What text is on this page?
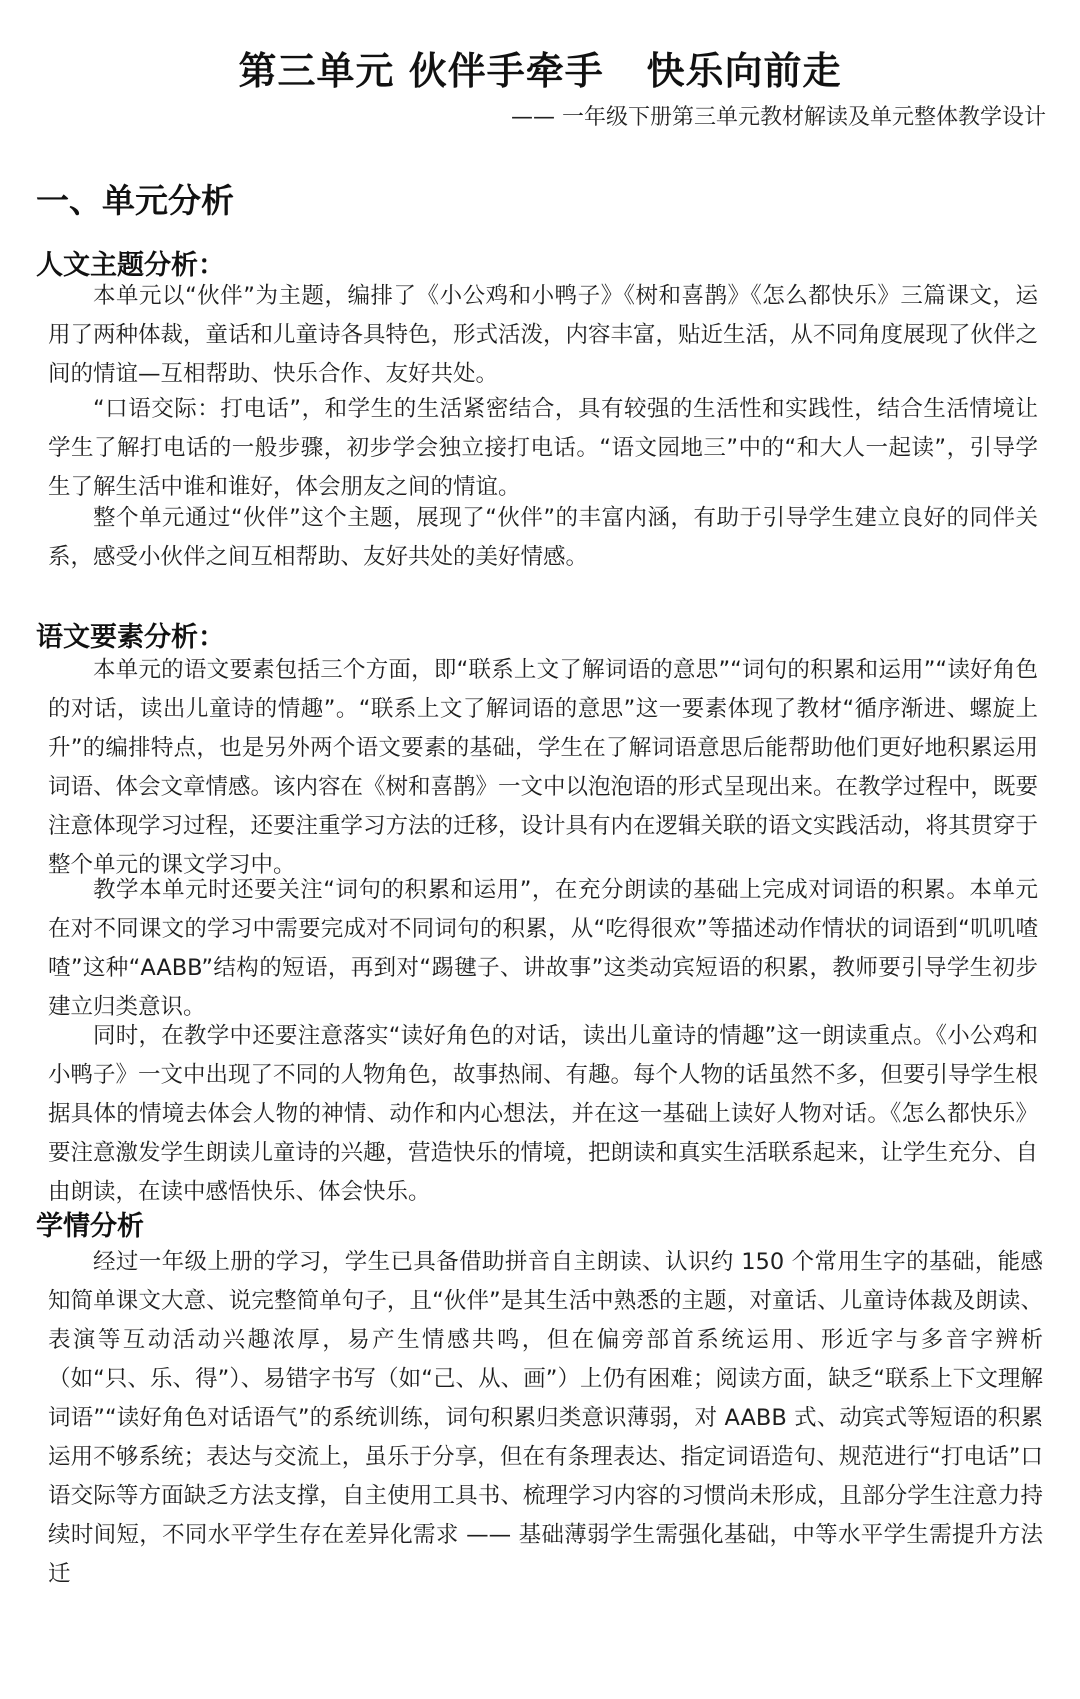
第三单元 伙伴手牵手   快乐向前走
—— 一年级下册第三单元教材解读及单元整体教学设计
一、单元分析
人文主题分析：

本单元以“伙伴”为主题，编排了《小公鸡和小鸭子》《树和喜鹊》《怎么都快乐》三篇课文，运用了两种体裁，童话和儿童诗各具特色，形式活泼，内容丰富，贴近生活，从不同角度展现了伙伴之间的情谊—互相帮助、快乐合作、友好共处。

“口语交际：打电话”，和学生的生活紧密结合，具有较强的生活性和实践性，结合生活情境让学生了解打电话的一般步骤，初步学会独立接打电话。“语文园地三”中的“和大人一起读”，引导学生了解生活中谁和谁好，体会朋友之间的情谊。

整个单元通过“伙伴”这个主题，展现了“伙伴”的丰富内涵，有助于引导学生建立良好的同伴关系，感受小伙伴之间互相帮助、友好共处的美好情感。

语文要素分析：

本单元的语文要素包括三个方面，即“联系上文了解词语的意思”“词句的积累和运用”“读好角色的对话，读出儿童诗的情趣”。“联系上文了解词语的意思”这一要素体现了教材“循序渐进、螺旋上升”的编排特点，也是另外两个语文要素的基础，学生在了解词语意思后能帮助他们更好地积累运用词语、体会文章情感。该内容在《树和喜鹊》一文中以泡泡语的形式呈现出来。在教学过程中，既要注意体现学习过程，还要注重学习方法的迁移，设计具有内在逻辑关联的语文实践活动，将其贯穿于整个单元的课文学习中。

教学本单元时还要关注“词句的积累和运用”，在充分朗读的基础上完成对词语的积累。本单元在对不同课文的学习中需要完成对不同词句的积累，从“吃得很欢”等描述动作情状的词语到“叽叽喳喳”这种“AABB”结构的短语，再到对“踢毽子、讲故事”这类动宾短语的积累，教师要引导学生初步建立归类意识。

同时，在教学中还要注意落实“读好角色的对话，读出儿童诗的情趣”这一朗读重点。《小公鸡和小鸭子》一文中出现了不同的人物角色，故事热闹、有趣。每个人物的话虽然不多，但要引导学生根据具体的情境去体会人物的神情、动作和内心想法，并在这一基础上读好人物对话。《怎么都快乐》要注意激发学生朗读儿童诗的兴趣，营造快乐的情境，把朗读和真实生活联系起来，让学生充分、自由朗读，在读中感悟快乐、体会快乐。

学情分析

经过一年级上册的学习，学生已具备借助拼音自主朗读、认识约 150 个常用生字的基础，能感知简单课文大意、说完整简单句子，且“伙伴”是其生活中熟悉的主题，对童话、儿童诗体裁及朗读、表演等互动活动兴趣浓厚，易产生情感共鸣，但在偏旁部首系统运用、形近字与多音字辨析（如“只、乐、得”）、易错字书写（如“己、从、画”）上仍有困难；阅读方面，缺乏“联系上下文理解词语”“读好角色对话语气”的系统训练，词句积累归类意识薄弱，对 AABB 式、动宾式等短语的积累运用不够系统；表达与交流上，虽乐于分享，但在有条理表达、指定词语造句、规范进行“打电话”口语交际等方面缺乏方法支撑，自主使用工具书、梳理学习内容的习惯尚未形成，且部分学生注意力持续时间短，不同水平学生存在差异化需求 —— 基础薄弱学生需强化基础，中等水平学生需提升方法迁
